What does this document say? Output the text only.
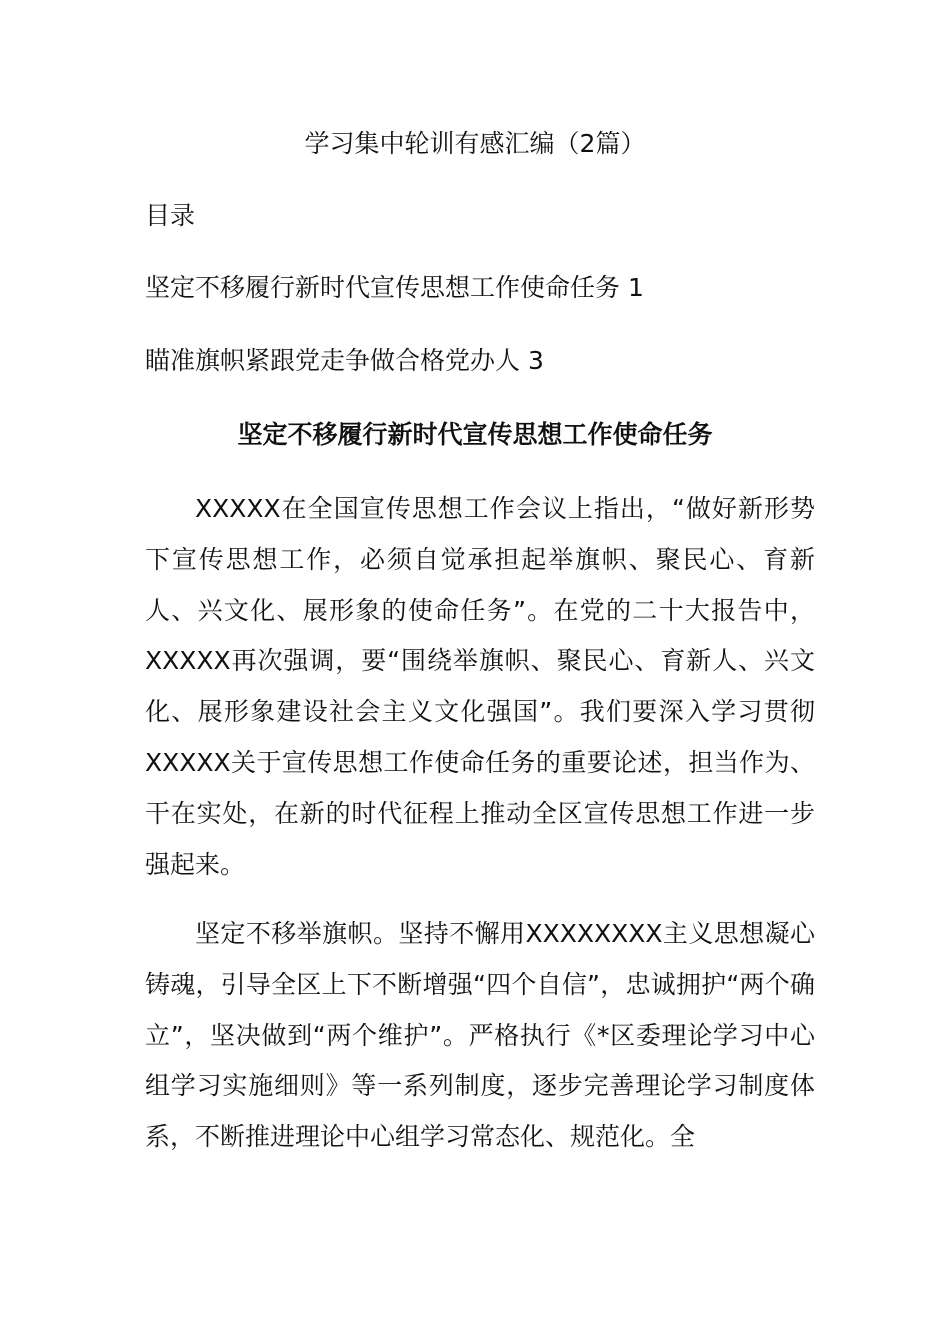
学习集中轮训有感汇编（2篇）
目录
坚定不移履行新时代宣传思想工作使命任务 1
瞄准旗帜紧跟党走争做合格党办人 3
坚定不移履行新时代宣传思想工作使命任务

XXXXX在全国宣传思想工作会议上指出，“做好新形势下宣传思想工作，必须自觉承担起举旗帜、聚民心、育新人、兴文化、展形象的使命任务”。在党的二十大报告中，XXXXX再次强调，要“围绕举旗帜、聚民心、育新人、兴文化、展形象建设社会主义文化强国”。我们要深入学习贯彻XXXXX关于宣传思想工作使命任务的重要论述，担当作为、干在实处，在新的时代征程上推动全区宣传思想工作进一步强起来。

坚定不移举旗帜。坚持不懈用XXXXXXXX主义思想凝心铸魂，引导全区上下不断增强“四个自信”，忠诚拥护“两个确立”，坚决做到“两个维护”。严格执行《*区委理论学习中心组学习实施细则》等一系列制度，逐步完善理论学习制度体系，不断推进理论中心组学习常态化、规范化。全
